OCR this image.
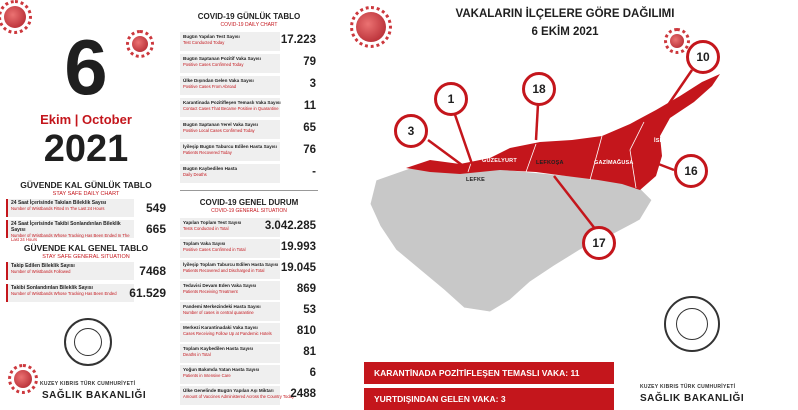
6
Ekim | October
2021
GÜVENDE KAL GÜNLÜK TABLO
STAY SAFE DAILY CHART
24 Saat İçerisinde Takılan Bileklik Sayısı
Number of Wristbands Fitted In The Last 24 Hours	549
24 Saat İçerisinde Takibi Sonlandırılan Bileklik Sayısı
Number of Wristbands Whose Tracking Has Been Ended In The Last 24 Hours
665
GÜVENDE KAL GENEL TABLO
STAY SAFE GENERAL SITUATION
Takip Edilen Bileklik Sayısı
Number of Wristbands Followed	7468
Takibi Sonlandırılan Bileklik Sayısı
Number of Wristbands Whose Tracking Has Been Ended	61.529
KUZEY KIBRIS TÜRK CUMHURİYETİ
SAĞLIK BAKANLIĞI
COVID-19 GÜNLÜK TABLO
COVID-19 DAILY CHART
Bugün Yapılan Test Sayısı
Test Conducted Today	17.223
Bugün Saptanan Pozitif Vaka Sayısı
Positive Cases Confirmed Today	79
Ülke Dışından Gelen Vaka Sayısı
Positive Cases From Abroad	3
Karantinada Pozitifleşen Temaslı Vaka Sayısı
Contact Cases That Became Positive in Quarantine 11
Bugün Saptanan Yerel Vaka Sayısı
Positive Local Cases Confirmed Today	65
İyileşip Bugün Taburcu Edilen Hasta Sayısı
Patients Recovered Today	76
Bugün Kaybedilen Hasta
Daily Deaths	-
COVID-19 GENEL DURUM
COVID-19 GENERAL SITUATION
Yapılan Toplam Test Sayısı
Tests Conducted in Total	3.042.285
Toplam Vaka Sayısı
Positive Cases Confirmed in Total	19.993
İyileşip Toplam Taburcu Edilen Hasta Sayısı
Patients Recovered and Discharged in Total	19.045
Tedavisi Devam Eden Vaka Sayısı
Patients Receiving Treatment	869
Pandemi Merkezindeki Hasta Sayısı
Number of cases in central quarantine	53
Merkezi Karantinadaki Vaka Sayısı
Cases Receiving Follow Up at Pandemic Hotels	810
Toplam Kaybedilen Hasta Sayısı
Deaths in Total	81
Yoğun Bakımda Yatan Hasta Sayısı
Patients in Intensive Care	6
Ülke Genelinde Bugün Yapılan Aşı Miktarı
Amount of Vaccines Administered Across the Country Today
2488
VAKALARIN İLÇELERE GÖRE DAĞILIMI
6 EKİM 2021
3
1
18
17
16
10
LEFKE
GÜZELYURT
GİRNE
LEFKOŞA	GAZİMAĞUSA
İSKELE
KARANTİNADA POZİTİFLEŞEN TEMASLI VAKA: 11
YURTDIŞINDAN GELEN VAKA: 3
KUZEY KIBRIS TÜRK CUMHURİYETİ
SAĞLIK BAKANLIĞI
